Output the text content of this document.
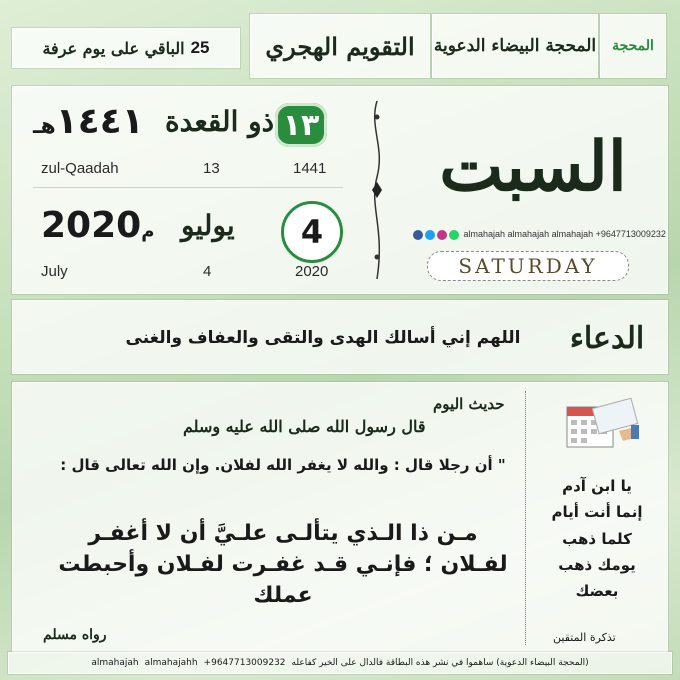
المحجة
المحجة البيضاء الدعوية
التقويم الهجري
الباقي على يوم عرفة 25
١٣
ذو القعدة
١٤٤١هـ
zul-Qaadah	13	1441
4
يوليو
2020م
July	4	2020
السبت
almahajah almahajah almahajah +9647713009232
SATURDAY
الدعاء
اللهم إني أسالك الهدى والتقى والعفاف والغنى
حديث اليوم
قال رسول الله صلى الله عليه وسلم
" أن رجلا قال : والله لا يغفر الله لفلان. وإن الله تعالى قال :
مـن ذا الـذي يتألـى علـيَّ أن لا أغفـر لفـلان ؛ فإنـي قـد غفـرت لفـلان وأحبطت عملك
رواه مسلم
يا ابن آدم
إنما أنت أيام
كلما ذهب
يومك ذهب
بعضك
تذكرة المتقين
almahajah almahajahh +9647713009232 (المحجة البيضاء الدعوية) ساهموا في نشر هذه البطاقة فالدال على الخير كفاعله
